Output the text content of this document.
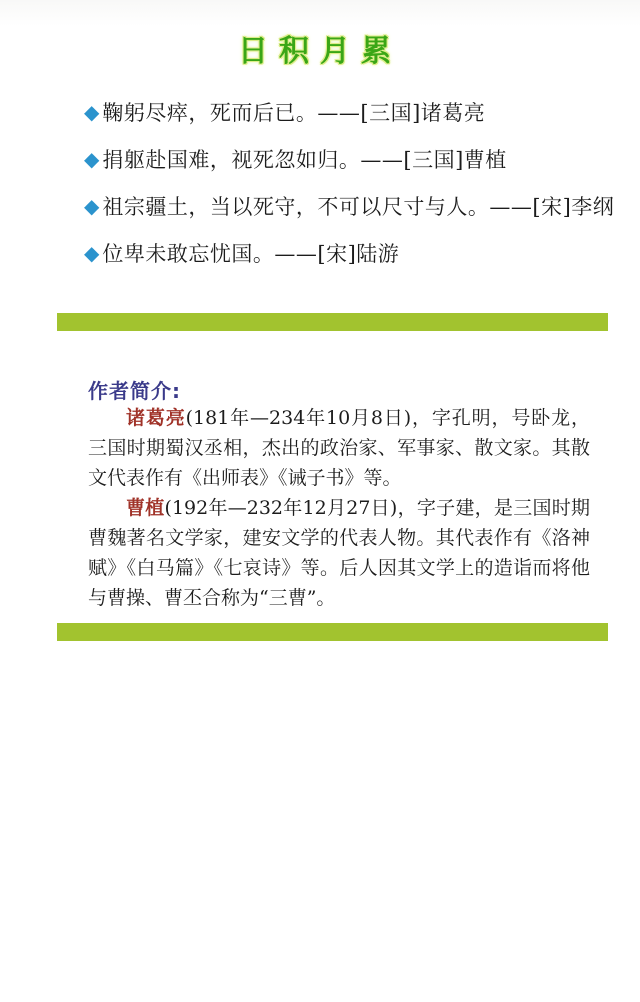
日积月累
◆ 鞠躬尽瘁，死而后已。——[三国]诸葛亮
◆ 捐躯赴国难，视死忽如归。——[三国]曹植
◆ 祖宗疆土，当以死守，不可以尺寸与人。——[宋]李纲
◆ 位卑未敢忘忧国。——[宋]陆游
作者简介:

诸葛亮(181年—234年10月8日)，字孔明，号卧龙，三国时期蜀汉丞相，杰出的政治家、军事家、散文家。其散文代表作有《出师表》《诫子书》等。

曹植(192年—232年12月27日)，字子建，是三国时期曹魏著名文学家，建安文学的代表人物。其代表作有《洛神赋》《白马篇》《七哀诗》等。后人因其文学上的造诣而将他与曹操、曹丕合称为“三曹”。
